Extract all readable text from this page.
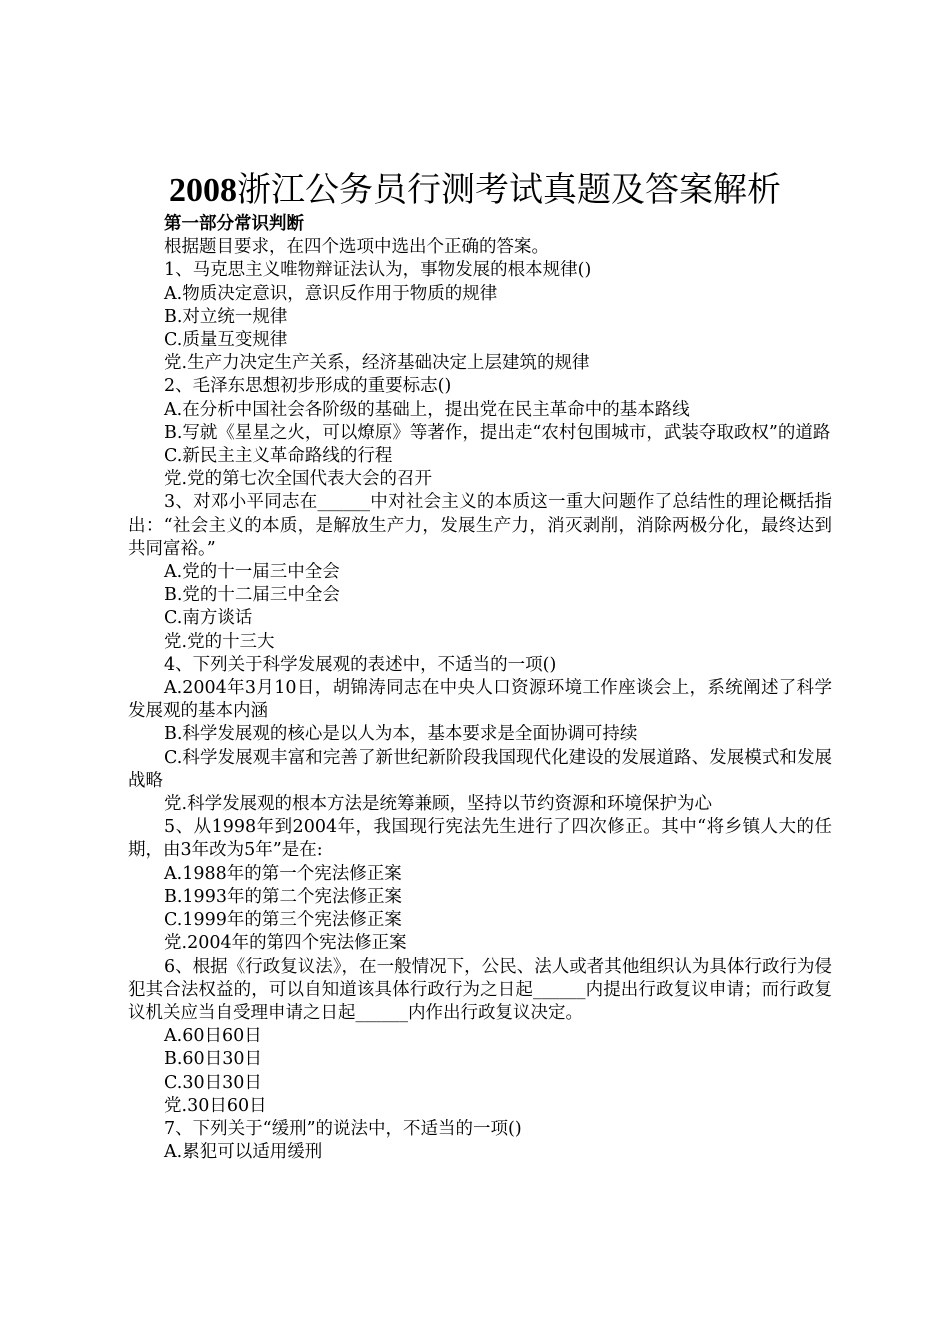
2008浙江公务员行测考试真题及答案解析

第一部分常识判断

根据题目要求，在四个选项中选出个正确的答案。

1、马克思主义唯物辩证法认为，事物发展的根本规律()

A.物质决定意识，意识反作用于物质的规律

B.对立统一规律

C.质量互变规律

党.生产力决定生产关系，经济基础决定上层建筑的规律

2、毛泽东思想初步形成的重要标志()

A.在分析中国社会各阶级的基础上，提出党在民主革命中的基本路线

B.写就《星星之火，可以燎原》等著作，提出走“农村包围城市，武装夺取政权”的道路

C.新民主主义革命路线的行程

党.党的第七次全国代表大会的召开

3、对邓小平同志在______中对社会主义的本质这一重大问题作了总结性的理论概括指出：“社会主义的本质，是解放生产力，发展生产力，消灭剥削，消除两极分化，最终达到共同富裕。”

A.党的十一届三中全会

B.党的十二届三中全会

C.南方谈话

党.党的十三大

4、下列关于科学发展观的表述中，不适当的一项()

A.2004年3月10日，胡锦涛同志在中央人口资源环境工作座谈会上，系统阐述了科学发展观的基本内涵

B.科学发展观的核心是以人为本，基本要求是全面协调可持续

C.科学发展观丰富和完善了新世纪新阶段我国现代化建设的发展道路、发展模式和发展战略

党.科学发展观的根本方法是统筹兼顾，坚持以节约资源和环境保护为心

5、从1998年到2004年，我国现行宪法先生进行了四次修正。其中“将乡镇人大的任期，由3年改为5年”是在:

A.1988年的第一个宪法修正案

B.1993年的第二个宪法修正案

C.1999年的第三个宪法修正案

党.2004年的第四个宪法修正案

6、根据《行政复议法》，在一般情况下，公民、法人或者其他组织认为具体行政行为侵犯其合法权益的，可以自知道该具体行政行为之日起______内提出行政复议申请；而行政复议机关应当自受理申请之日起______内作出行政复议决定。

A.60日60日

B.60日30日

C.30日30日

党.30日60日

7、下列关于“缓刑”的说法中，不适当的一项()

A.累犯可以适用缓刑
